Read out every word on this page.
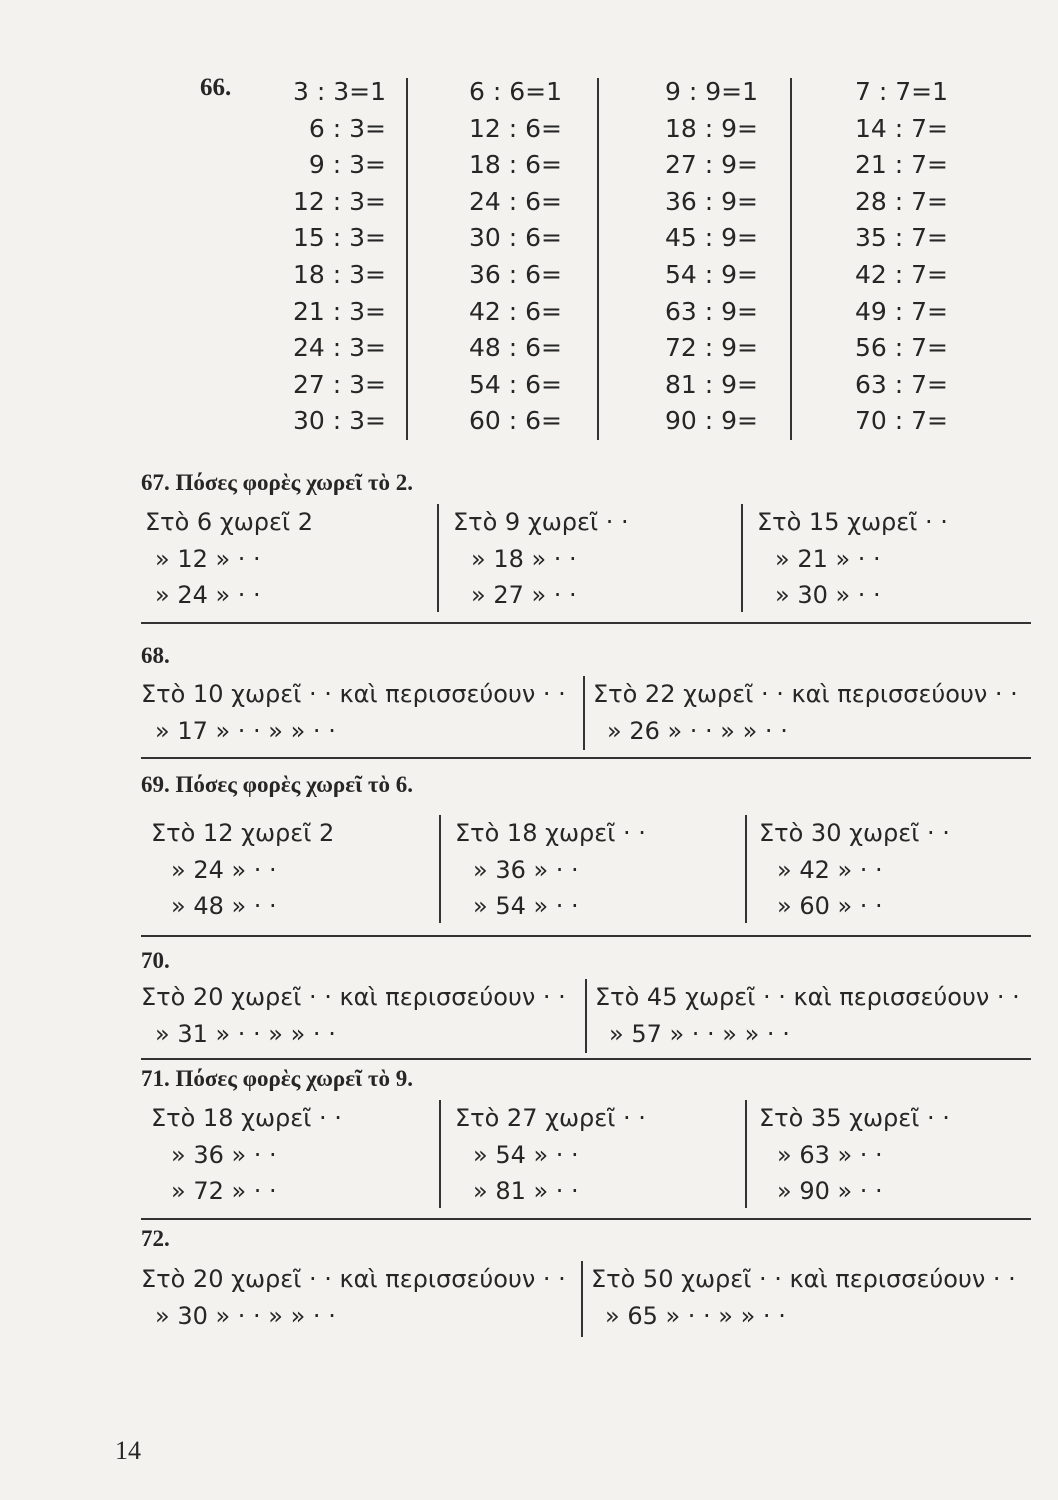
66.	3 : 3=1
6 : 3=
9 : 3=
12 : 3=
15 : 3=
18 : 3=
21 : 3=
24 : 3=
27 : 3=
30 : 3=
6 : 6=1
12 : 6=
18 : 6=
24 : 6=
30 : 6=
36 : 6=
42 : 6=
48 : 6=
54 : 6=
60 : 6=
9 : 9=1
18 : 9=
27 : 9=
36 : 9=
45 : 9=
54 : 9=
63 : 9=
72 : 9=
81 : 9=
90 : 9=
7 : 7=1
14 : 7=
21 : 7=
28 : 7=
35 : 7=
42 : 7=
49 : 7=
56 : 7=
63 : 7=
70 : 7=
67. Πόσες φορὲς χωρεῖ τὸ 2.
Στὸ 6 χωρεῖ 2
» 12 » · ·
» 24 » · ·
Στὸ 9 χωρεῖ · ·
» 18 » · ·
» 27 » · ·
Στὸ 15 χωρεῖ · ·
» 21 » · ·
» 30 » · ·
68.
Στὸ 10 χωρεῖ · · καὶ περισσεύουν · ·
» 17 » · · » » · ·
Στὸ 22 χωρεῖ · · καὶ περισσεύουν · ·
» 26 » · · » » · ·
69. Πόσες φορὲς χωρεῖ τὸ 6.
Στὸ 12 χωρεῖ 2
» 24 » · ·
» 48 » · ·
Στὸ 18 χωρεῖ · ·
» 36 » · ·
» 54 » · ·
Στὸ 30 χωρεῖ · ·
» 42 » · ·
» 60 » · ·
70.
Στὸ 20 χωρεῖ · · καὶ περισσεύουν · ·
» 31 » · · » » · ·
Στὸ 45 χωρεῖ · · καὶ περισσεύουν · ·
» 57 » · · » » · ·
71. Πόσες φορὲς χωρεῖ τὸ 9.
Στὸ 18 χωρεῖ · ·
» 36 » · ·
» 72 » · ·
Στὸ 27 χωρεῖ · ·
» 54 » · ·
» 81 » · ·
Στὸ 35 χωρεῖ · ·
» 63 » · ·
» 90 » · ·
72.
Στὸ 20 χωρεῖ · · καὶ περισσεύουν · ·
» 30 » · · » » · ·
Στὸ 50 χωρεῖ · · καὶ περισσεύουν · ·
» 65 » · · » » · ·
14
